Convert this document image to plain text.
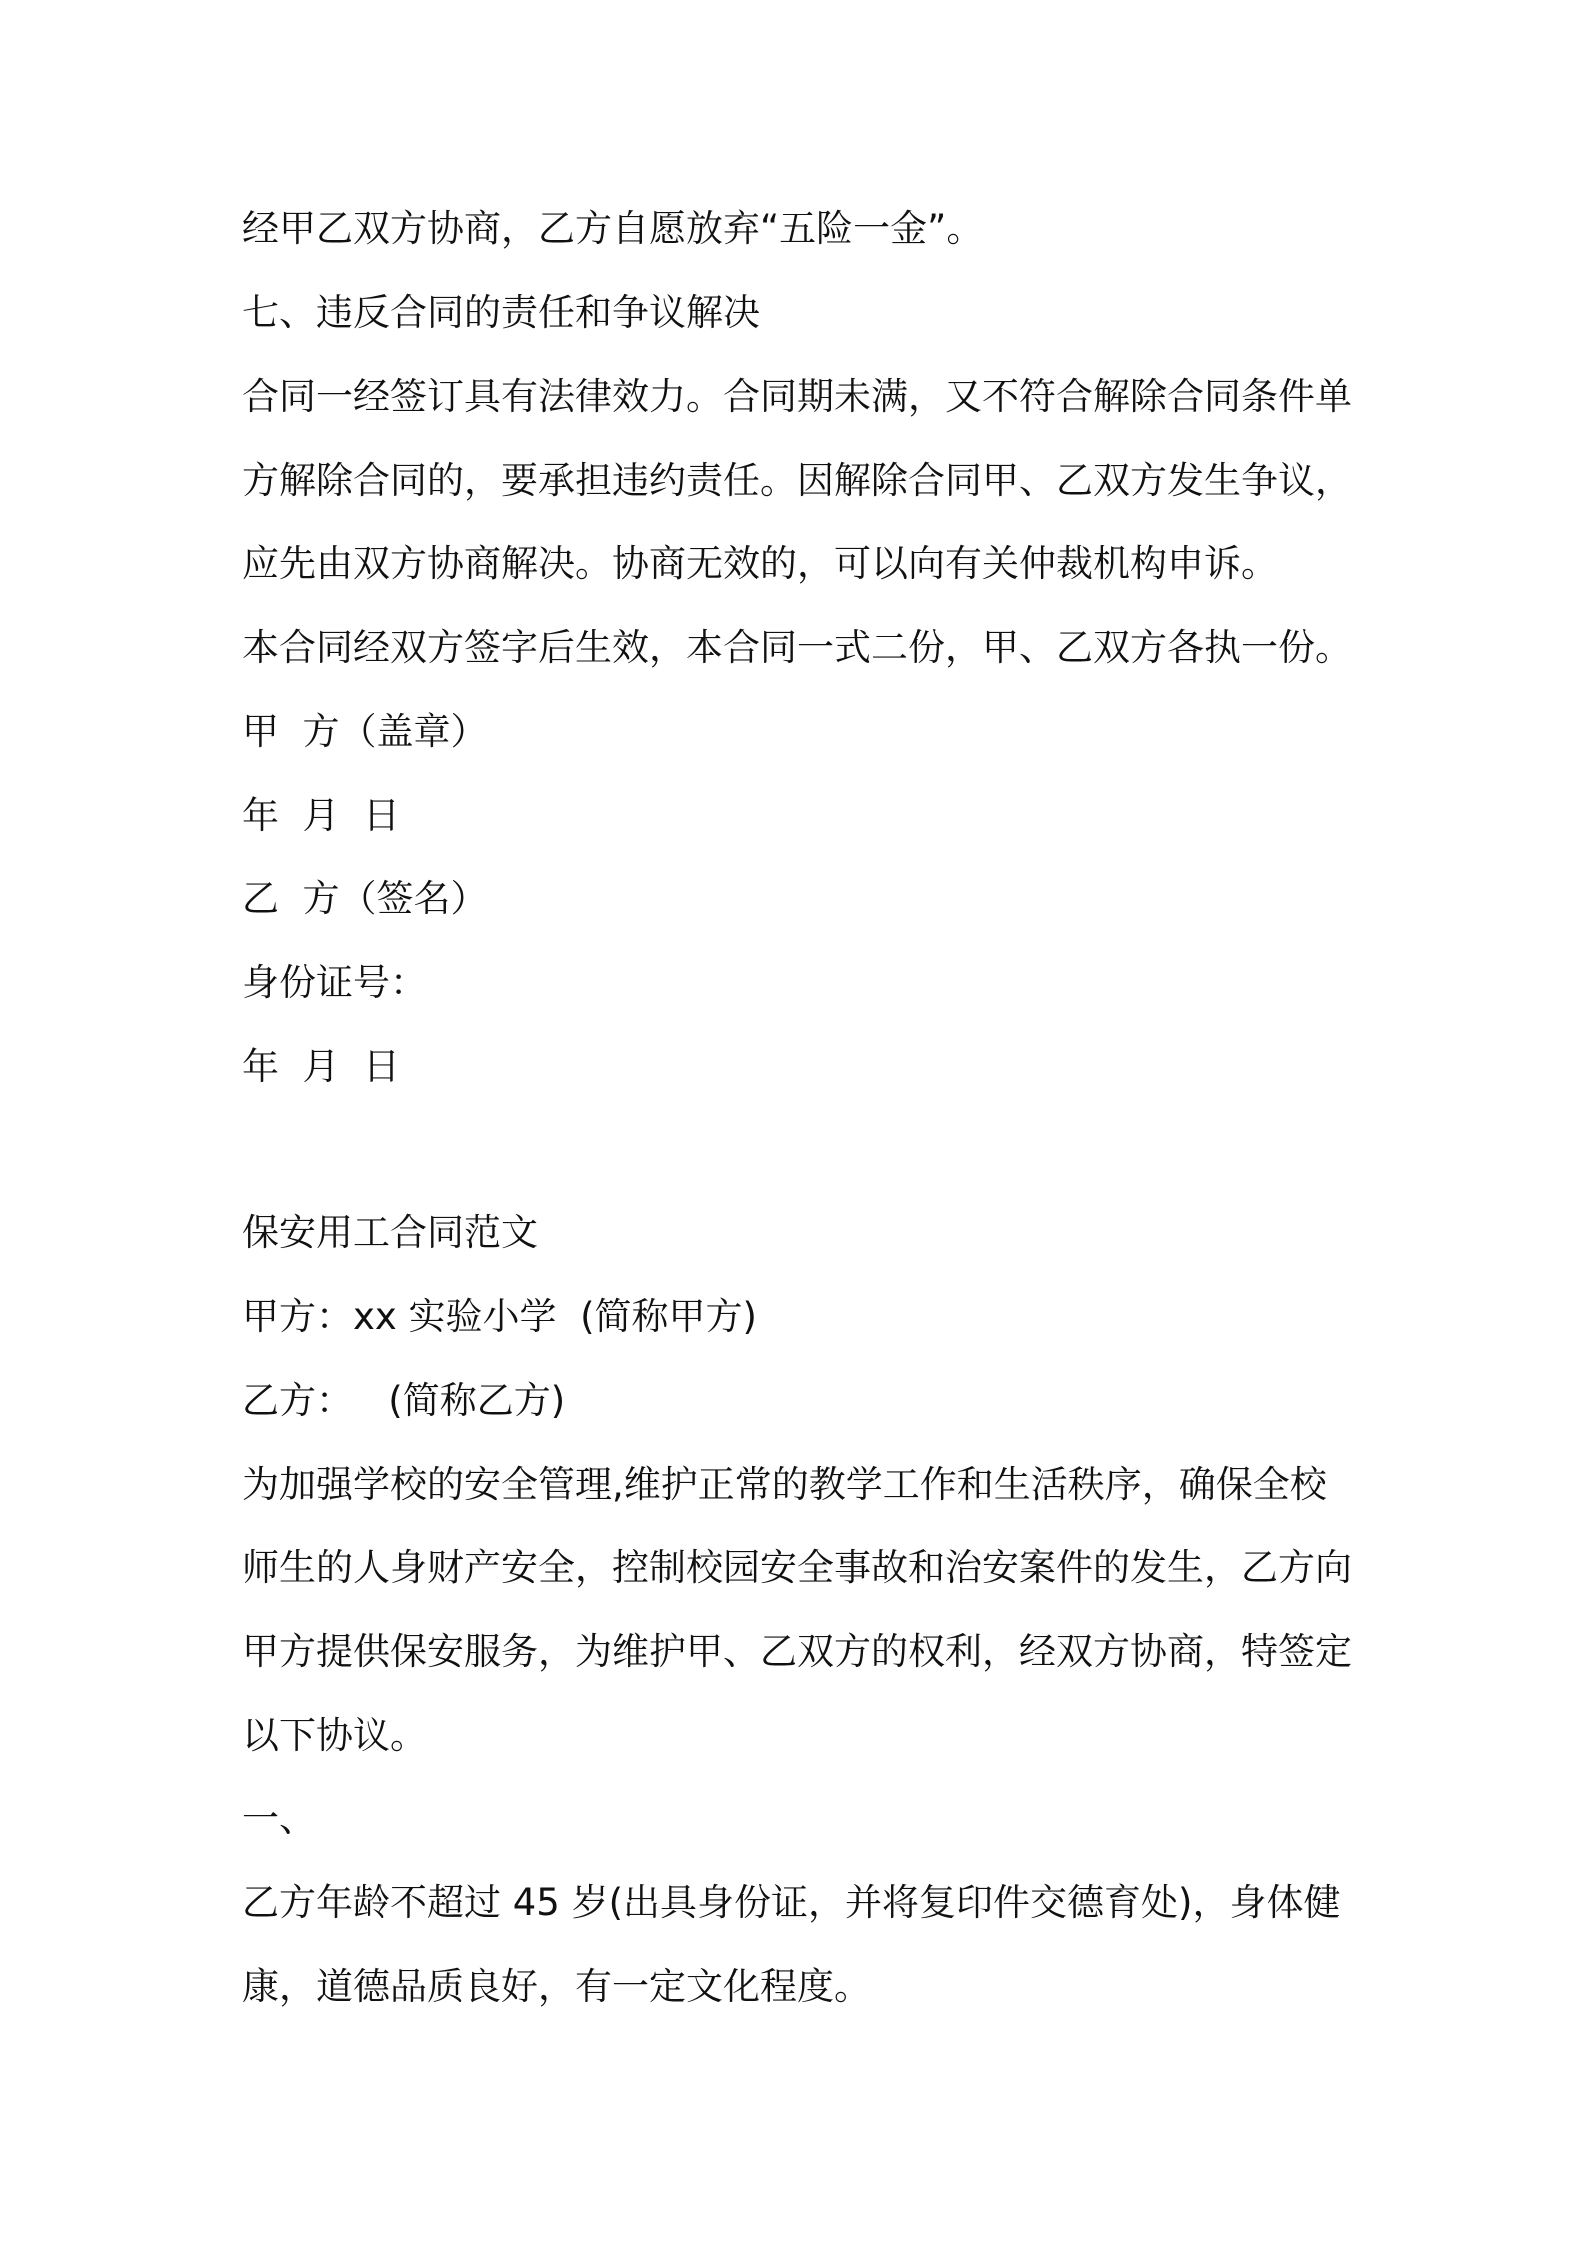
经甲乙双方协商，乙方自愿放弃“五险一金”。
七、违反合同的责任和争议解决
合同一经签订具有法律效力。合同期未满，又不符合解除合同条件单
方解除合同的，要承担违约责任。因解除合同甲、乙双方发生争议，
应先由双方协商解决。协商无效的，可以向有关仲裁机构申诉。
本合同经双方签字后生效，本合同一式二份，甲、乙双方各执一份。
甲  方（盖章）
年  月  日
乙  方（签名）
身份证号：
年  月  日
保安用工合同范文
甲方：xx 实验小学  (简称甲方)
乙方：   (简称乙方)
为加强学校的安全管理,维护正常的教学工作和生活秩序，确保全校
师生的人身财产安全，控制校园安全事故和治安案件的发生，乙方向
甲方提供保安服务，为维护甲、乙双方的权利，经双方协商，特签定
以下协议。
一、
乙方年龄不超过 45 岁(出具身份证，并将复印件交德育处)，身体健
康，道德品质良好，有一定文化程度。
